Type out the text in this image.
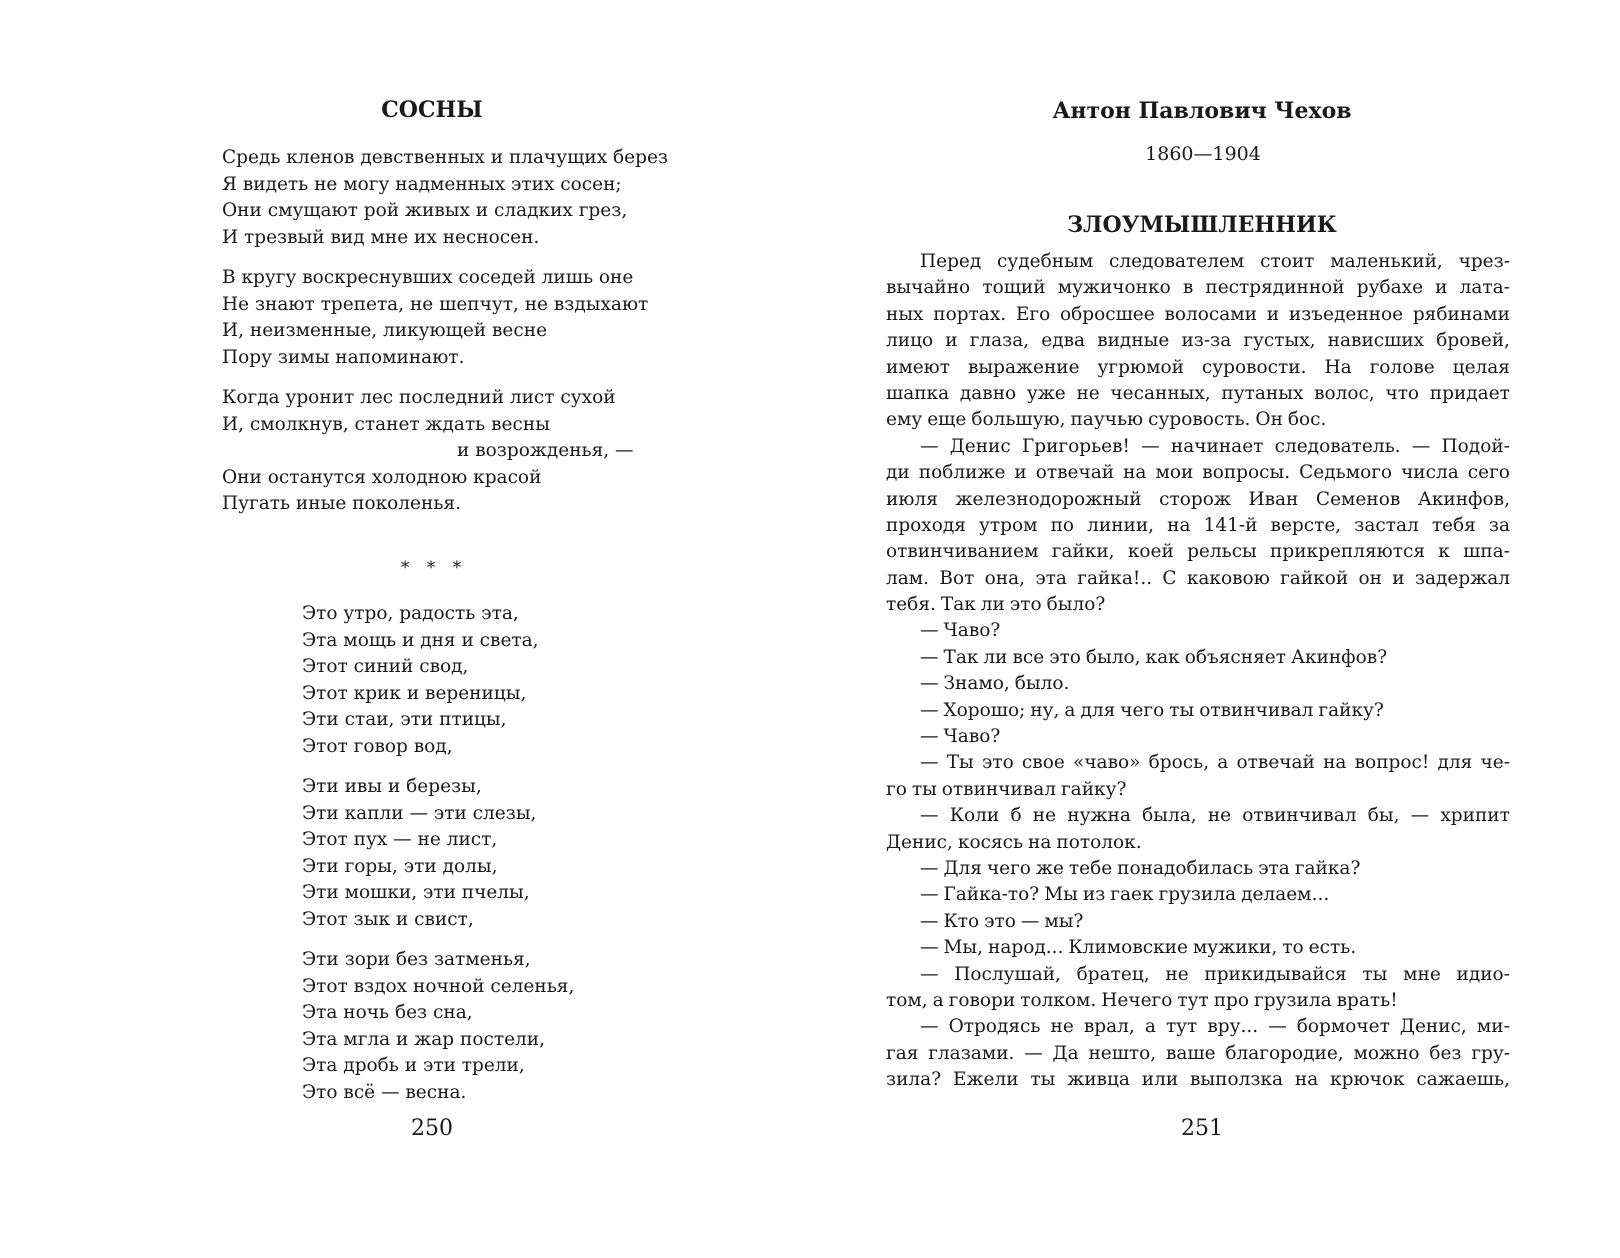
СОСНЫ
Средь кленов девственных и плачущих берез
Я видеть не могу надменных этих сосен;
Они смущают рой живых и сладких грез,
И трезвый вид мне их несносен.
В кругу воскреснувших соседей лишь оне
Не знают трепета, не шепчут, не вздыхают
И, неизменные, ликующей весне
Пору зимы напоминают.
Когда уронит лес последний лист сухой
И, смолкнув, станет ждать весны
и возрожденья, —
Они останутся холодною красой
Пугать иные поколенья.
* * *
Это утро, радость эта,
Эта мощь и дня и света,
Этот синий свод,
Этот крик и вереницы,
Эти стаи, эти птицы,
Этот говор вод,
Эти ивы и березы,
Эти капли — эти слезы,
Этот пух — не лист,
Эти горы, эти долы,
Эти мошки, эти пчелы,
Этот зык и свист,
Эти зори без затменья,
Этот вздох ночной селенья,
Эта ночь без сна,
Эта мгла и жар постели,
Эта дробь и эти трели,
Это всё — весна.
250
Антон Павлович Чехов
1860—1904
ЗЛОУМЫШЛЕННИК
251
Перед судебным следователем стоит маленький, чрез-
вычайно тощий мужичонко в пестрядинной рубахе и лата-
ных портах. Его обросшее волосами и изъеденное рябинами
лицо и глаза, едва видные из-за густых, нависших бровей,
имеют выражение угрюмой суровости. На голове целая
шапка давно уже не чесанных, путаных волос, что придает
ему еще большую, паучью суровость. Он бос.
— Денис Григорьев! — начинает следователь. — Подой-
ди поближе и отвечай на мои вопросы. Седьмого числа сего
июля железнодорожный сторож Иван Семенов Акинфов,
проходя утром по линии, на 141-й версте, застал тебя за
отвинчиванием гайки, коей рельсы прикрепляются к шпа-
лам. Вот она, эта гайка!.. С каковою гайкой он и задержал
тебя. Так ли это было?
— Чаво?
— Так ли все это было, как объясняет Акинфов?
— Знамо, было.
— Хорошо; ну, а для чего ты отвинчивал гайку?
— Чаво?
— Ты это свое «чаво» брось, а отвечай на вопрос! для че-
го ты отвинчивал гайку?
— Коли б не нужна была, не отвинчивал бы, — хрипит
Денис, косясь на потолок.
— Для чего же тебе понадобилась эта гайка?
— Гайка-то? Мы из гаек грузила делаем...
— Кто это — мы?
— Мы, народ... Климовские мужики, то есть.
— Послушай, братец, не прикидывайся ты мне идио-
том, а говори толком. Нечего тут про грузила врать!
— Отродясь не врал, а тут вру... — бормочет Денис, ми-
гая глазами. — Да нешто, ваше благородие, можно без гру-
зила? Ежели ты живца или выползка на крючок сажаешь,
